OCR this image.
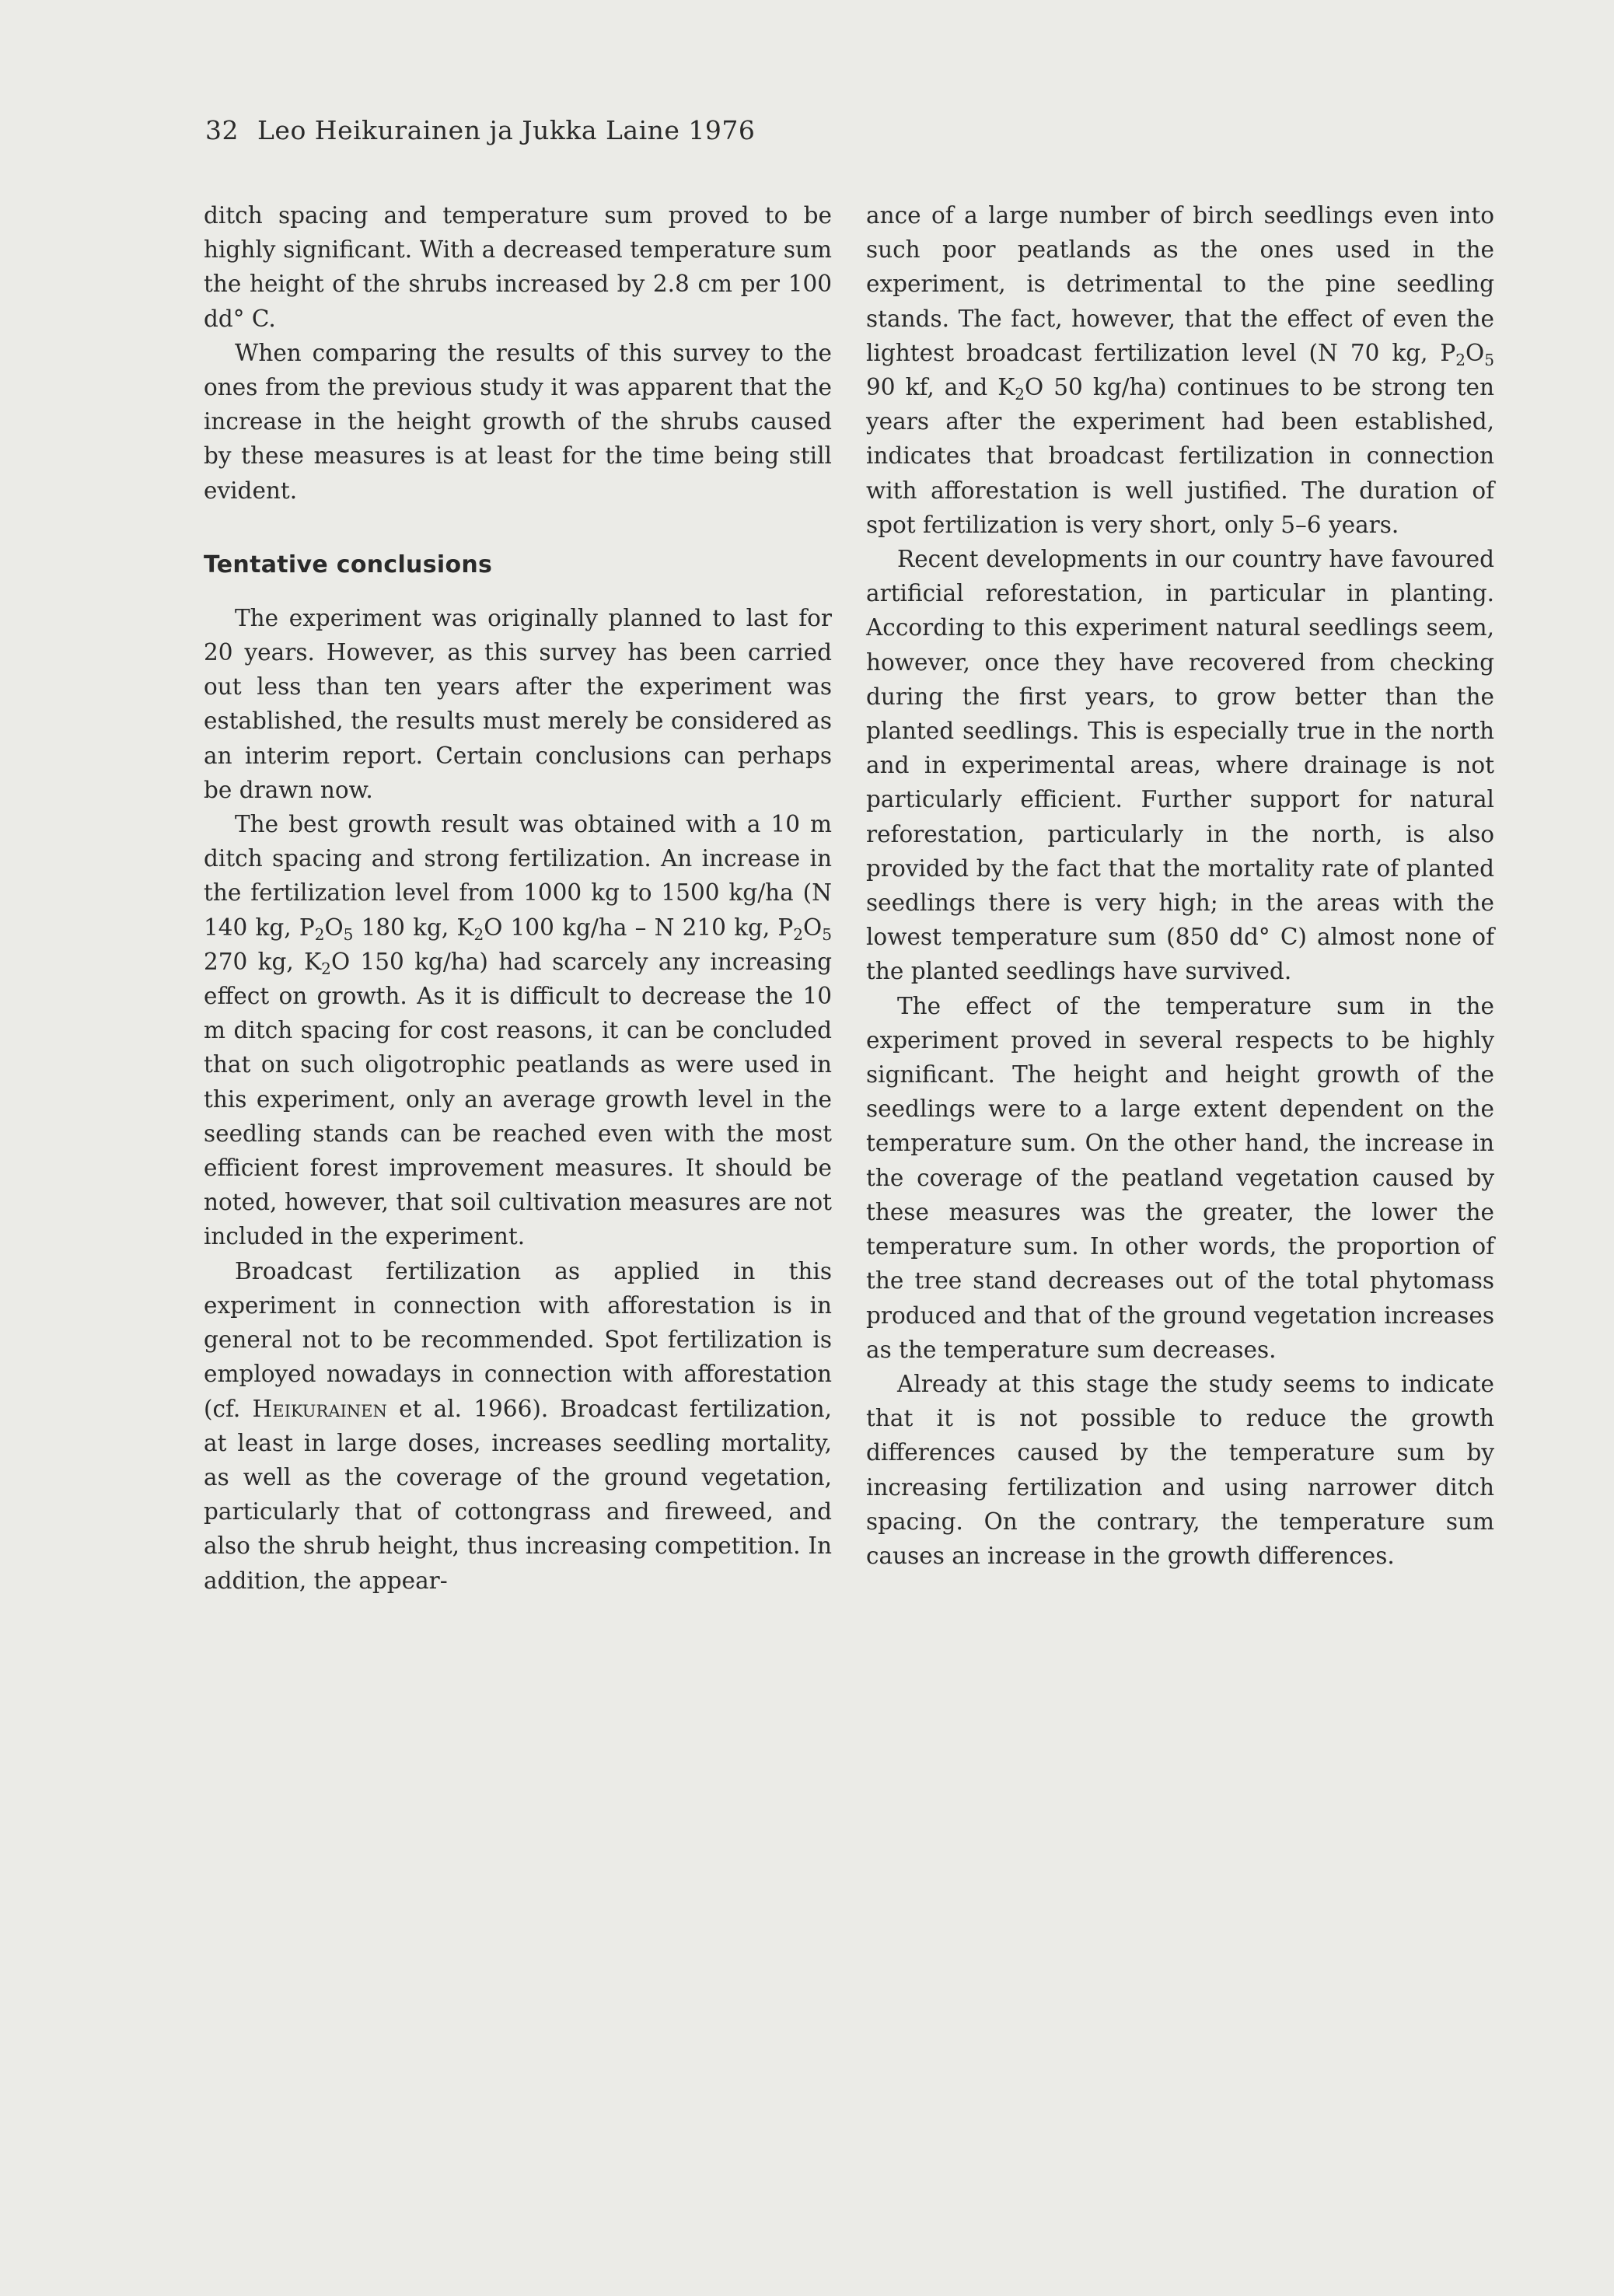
32 Leo Heikurainen ja Jukka Laine 1976

ditch spacing and temperature sum proved to be highly significant. With a decreased temperature sum the height of the shrubs increased by 2.8 cm per 100 dd° C.

When comparing the results of this survey to the ones from the previous study it was apparent that the increase in the height growth of the shrubs caused by these measures is at least for the time being still evident.

Tentative conclusions

The experiment was originally planned to last for 20 years. However, as this survey has been carried out less than ten years after the experiment was established, the results must merely be considered as an interim report. Certain conclusions can perhaps be drawn now.

The best growth result was obtained with a 10 m ditch spacing and strong fertilization. An increase in the fertilization level from 1000 kg to 1500 kg/ha (N 140 kg, $P_2O_5$ 180 kg, $K_2O$ 100 kg/ha – N 210 kg, $P_2O_5$ 270 kg, $K_2O$ 150 kg/ha) had scarcely any increasing effect on growth. As it is difficult to decrease the 10 m ditch spacing for cost reasons, it can be concluded that on such oligotrophic peatlands as were used in this experiment, only an average growth level in the seedling stands can be reached even with the most efficient forest improvement measures. It should be noted, however, that soil cultivation measures are not included in the experiment.

Broadcast fertilization as applied in this experiment in connection with afforestation is in general not to be recommended. Spot fertilization is employed nowadays in connection with afforestation (cf. Heikurainen et al. 1966). Broadcast fertilization, at least in large doses, increases seedling mortality, as well as the coverage of the ground vegetation, particularly that of cottongrass and fireweed, and also the shrub height, thus increasing competition. In addition, the appear-

ance of a large number of birch seedlings even into such poor peatlands as the ones used in the experiment, is detrimental to the pine seedling stands. The fact, however, that the effect of even the lightest broadcast fertilization level (N 70 kg, $P_2O_5$ 90 kf, and $K_2O$ 50 kg/ha) continues to be strong ten years after the experiment had been established, indicates that broadcast fertilization in connection with afforestation is well justified. The duration of spot fertilization is very short, only 5–6 years.

Recent developments in our country have favoured artificial reforestation, in particular in planting. According to this experiment natural seedlings seem, however, once they have recovered from checking during the first years, to grow better than the planted seedlings. This is especially true in the north and in experimental areas, where drainage is not particularly efficient. Further support for natural reforestation, particularly in the north, is also provided by the fact that the mortality rate of planted seedlings there is very high; in the areas with the lowest temperature sum (850 dd° C) almost none of the planted seedlings have survived.

The effect of the temperature sum in the experiment proved in several respects to be highly significant. The height and height growth of the seedlings were to a large extent dependent on the temperature sum. On the other hand, the increase in the coverage of the peatland vegetation caused by these measures was the greater, the lower the temperature sum. In other words, the proportion of the tree stand decreases out of the total phytomass produced and that of the ground vegetation increases as the temperature sum decreases.

Already at this stage the study seems to indicate that it is not possible to reduce the growth differences caused by the temperature sum by increasing fertilization and using narrower ditch spacing. On the contrary, the temperature sum causes an increase in the growth differences.
